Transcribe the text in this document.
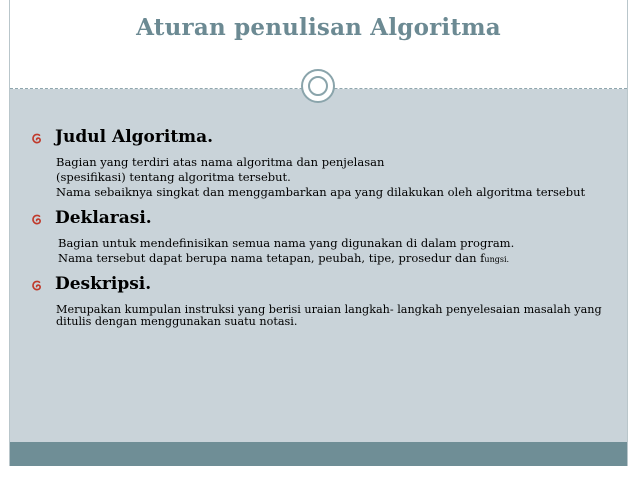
Aturan penulisan Algoritma
Judul Algoritma.
Bagian yang terdiri atas nama algoritma dan penjelasan
(spesifikasi) tentang algoritma tersebut.
Nama sebaiknya singkat dan menggambarkan apa yang dilakukan oleh algoritma tersebut
Deklarasi.
Bagian untuk mendefinisikan semua nama yang digunakan di dalam program.
Nama tersebut dapat berupa nama tetapan, peubah, tipe, prosedur dan fungsi.
Deskripsi.
Merupakan kumpulan instruksi yang berisi uraian langkah- langkah penyelesaian masalah yang
ditulis dengan menggunakan suatu notasi.
